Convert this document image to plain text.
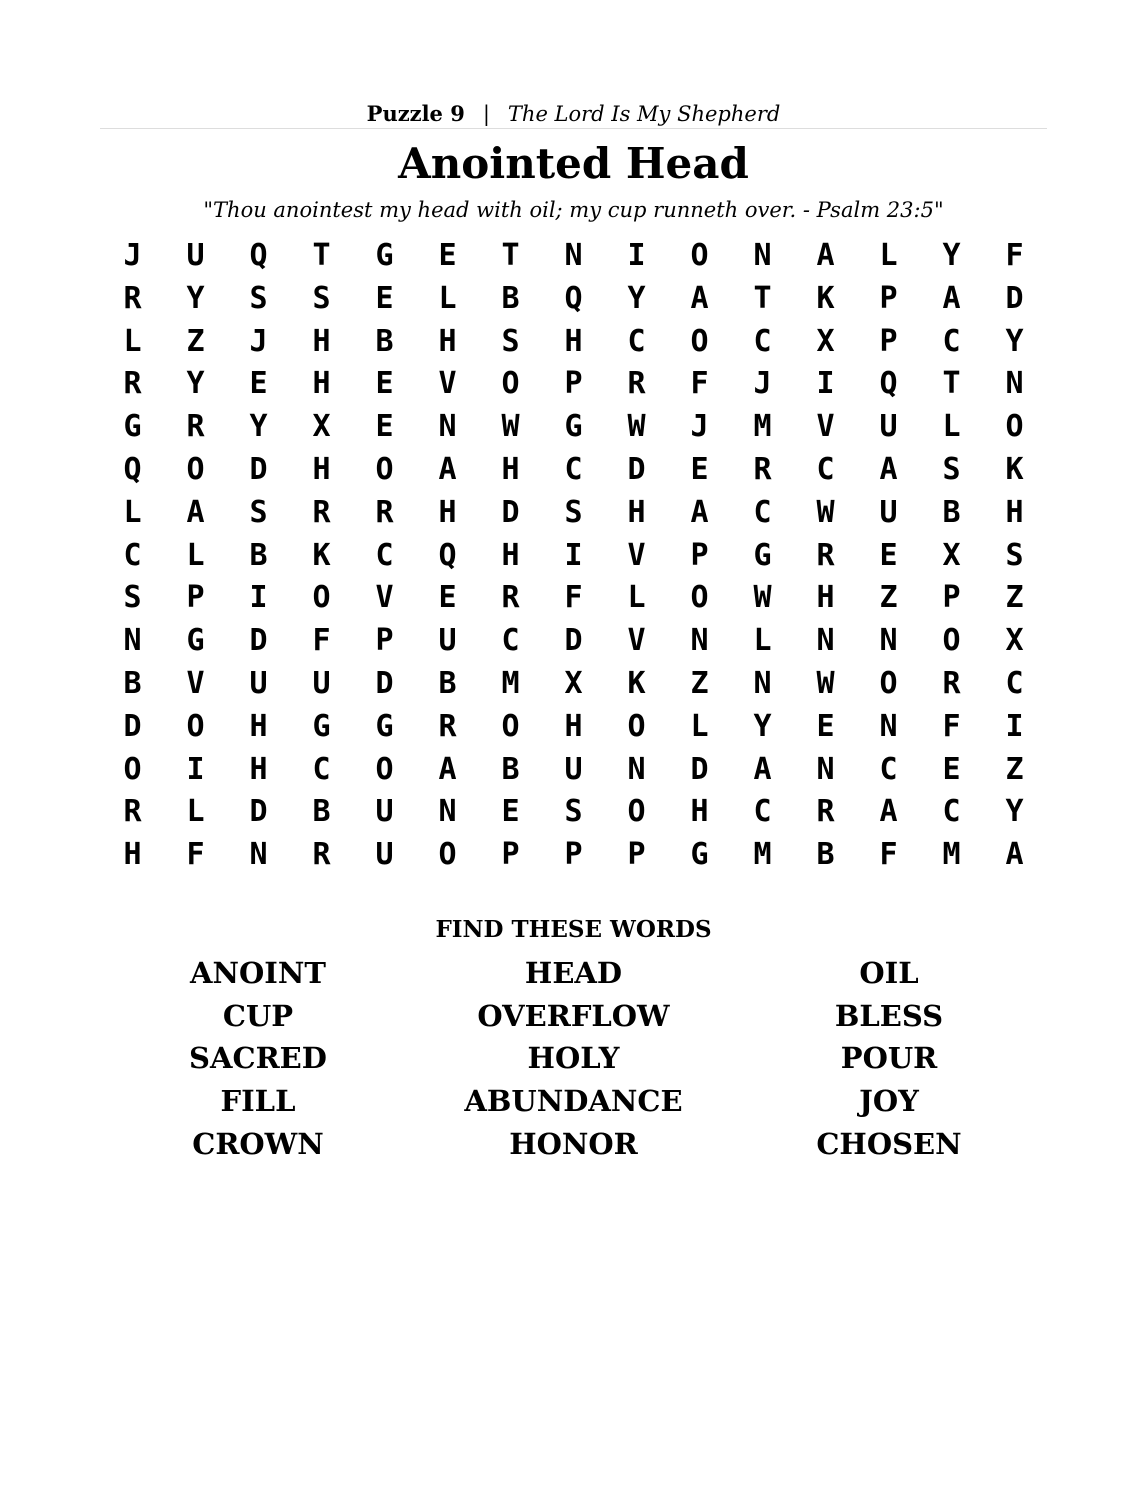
Puzzle 9 | The Lord Is My Shepherd
Anointed Head
"Thou anointest my head with oil; my cup runneth over. - Psalm 23:5"
J	U	Q	T	G	E	T	N	I	O	N	A	L	Y	F
R	Y	S	S	E	L	B	Q	Y	A	T	K	P	A	D
L	Z	J	H	B	H	S	H	C	O	C	X	P	C	Y
R	Y	E	H	E	V	O	P	R	F	J	I	Q	T	N
G	R	Y	X	E	N	W	G	W	J	M	V	U	L	O
Q	O	D	H	O	A	H	C	D	E	R	C	A	S	K
L	A	S	R	R	H	D	S	H	A	C	W	U	B	H
C	L	B	K	C	Q	H	I	V	P	G	R	E	X	S
S	P	I	O	V	E	R	F	L	O	W	H	Z	P	Z
N	G	D	F	P	U	C	D	V	N	L	N	N	O	X
B	V	U	U	D	B	M	X	K	Z	N	W	O	R	C
D	O	H	G	G	R	O	H	O	L	Y	E	N	F	I
O	I	H	C	O	A	B	U	N	D	A	N	C	E	Z
R	L	D	B	U	N	E	S	O	H	C	R	A	C	Y
H	F	N	R	U	O	P	P	P	G	M	B	F	M	A
FIND THESE WORDS
ANOINT	HEAD	OIL
CUP	OVERFLOW	BLESS
SACRED	HOLY	POUR
FILL	ABUNDANCE	JOY
CROWN	HONOR	CHOSEN
